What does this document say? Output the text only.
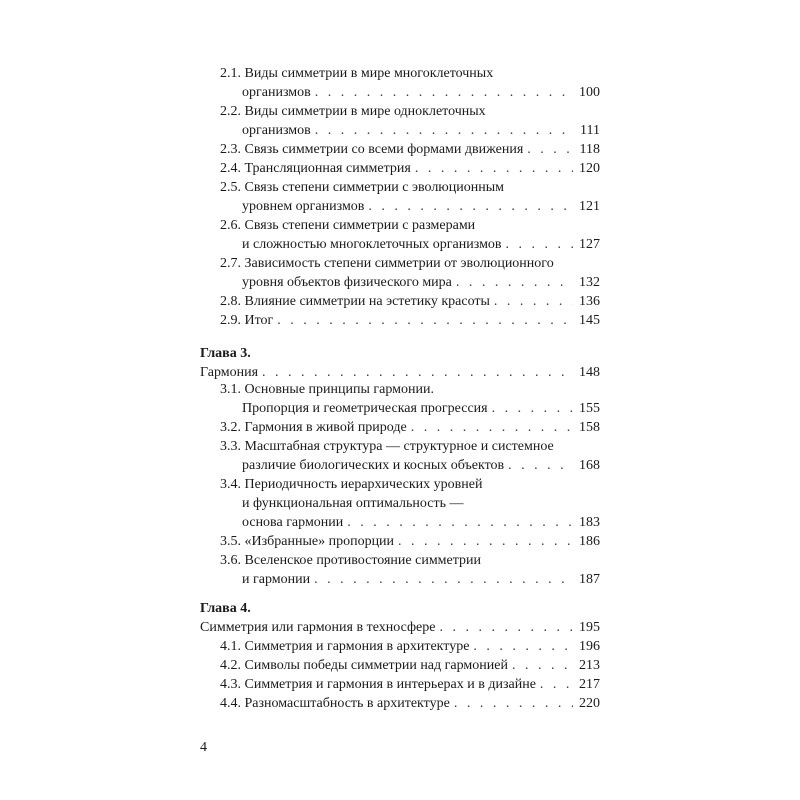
2.1. Виды симметрии в мире многоклеточных
организмов . . .	100
2.2. Виды симметрии в мире одноклеточных
организмов . . .	111
2.3. Связь симметрии со всеми формами движения . . .	118
2.4. Трансляционная симметрия . . .	120
2.5. Связь степени симметрии с эволюционным
уровнем организмов . . .	121
2.6. Связь степени симметрии с размерами
и сложностью многоклеточных организмов . . .	127
2.7. Зависимость степени симметрии от эволюционного
уровня объектов физического мира . . .	132
2.8. Влияние симметрии на эстетику красоты . . .	136
2.9. Итог . . .	145
Глава 3.
Гармония . . .	148
3.1. Основные принципы гармонии.
Пропорция и геометрическая прогрессия . . .	155
3.2. Гармония в живой природе . . .	158
3.3. Масштабная структура — структурное и системное
различие биологических и косных объектов . . .	168
3.4. Периодичность иерархических уровней
и функциональная оптимальность —
основа гармонии . . .	183
3.5. «Избранные» пропорции . . .	186
3.6. Вселенское противостояние симметрии
и гармонии . . .	187
Глава 4.
Симметрия или гармония в техносфере . . .	195
4.1. Симметрия и гармония в архитектуре . . .	196
4.2. Символы победы симметрии над гармонией . . .	213
4.3. Симметрия и гармония в интерьерах и в дизайне . . .	217
4.4. Разномасштабность в архитектуре . . .	220
4
